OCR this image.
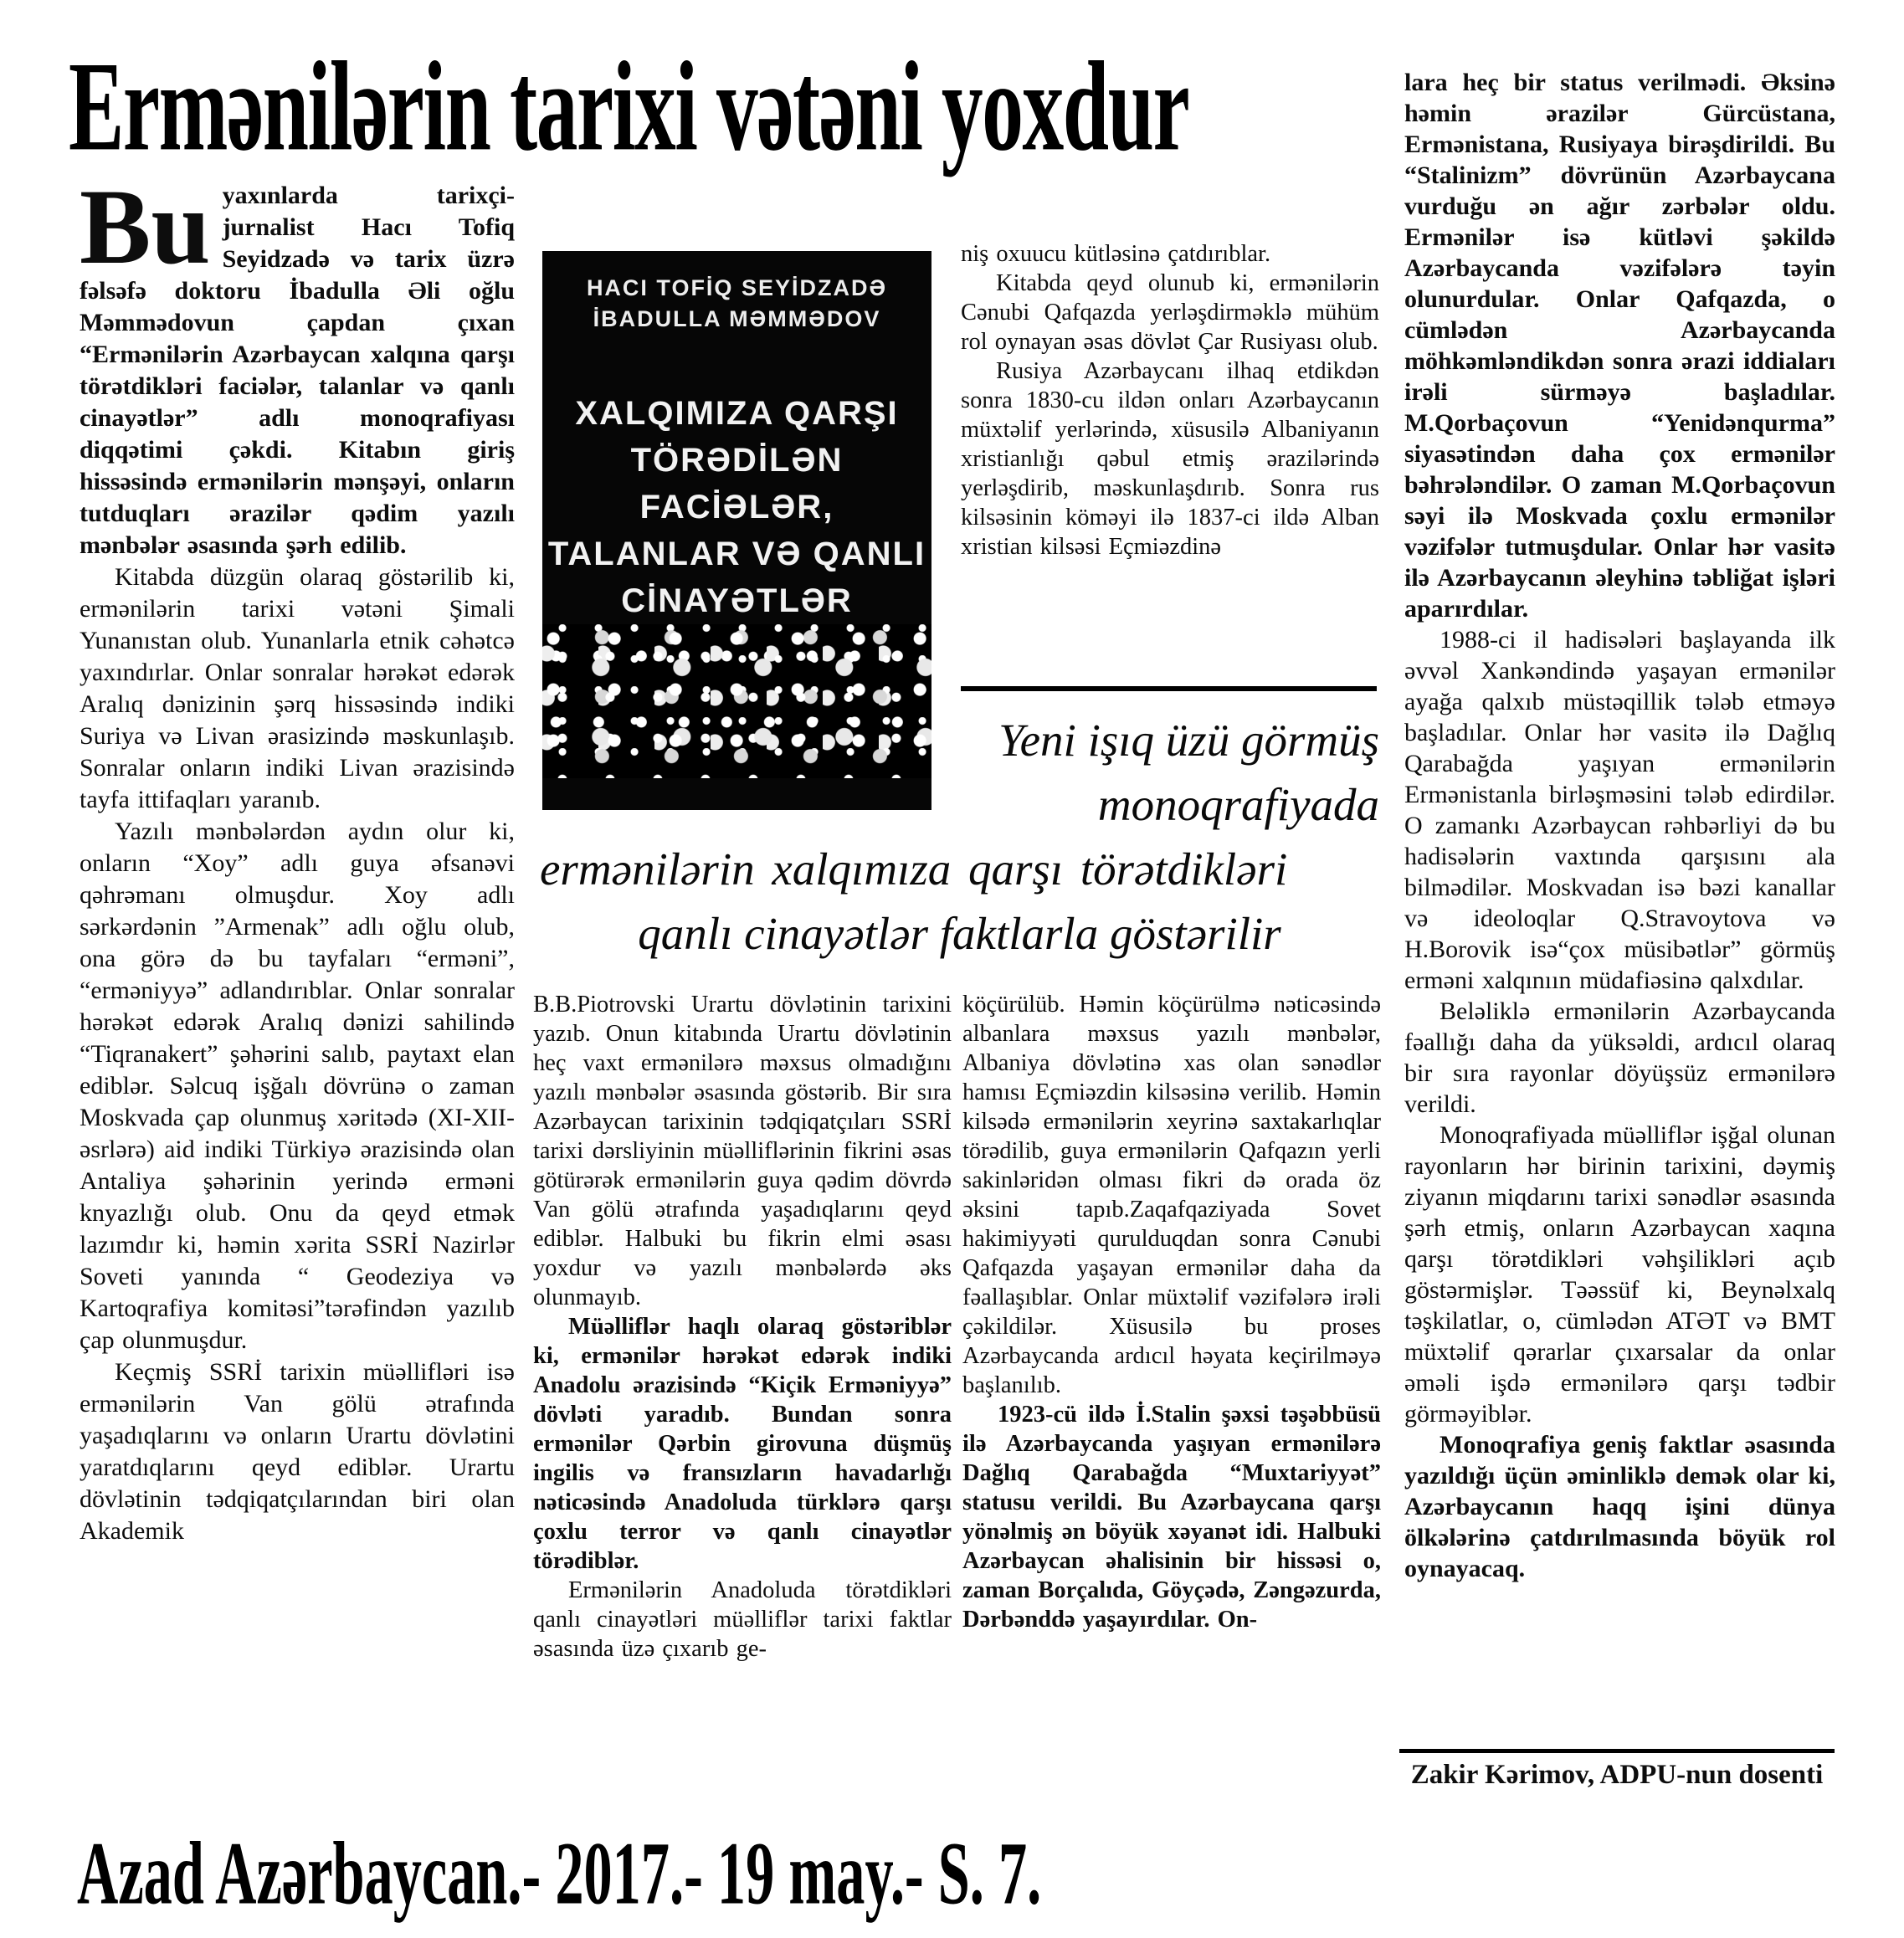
Ermənilərin tarixi vətəni yoxdur

Bu yaxınlarda tarixçi-jurnalist Hacı Tofiq Seyidzadə və tarix üzrə fəlsəfə doktoru İbadulla Əli oğlu Məmmədovun çapdan çıxan “Ermənilərin Azərbaycan xalqına qarşı törətdikləri faciələr, talanlar və qanlı cinayətlər” adlı monoqrafiyası diqqətimi çəkdi. Kitabın giriş hissəsində ermənilərin mənşəyi, onların tutduqları ərazilər qədim yazılı mənbələr əsasında şərh edilib.

Kitabda düzgün olaraq göstərilib ki, ermənilərin tarixi vətəni Şimali Yunanıstan olub. Yunanlarla etnik cəhətcə yaxındırlar. Onlar sonralar hərəkət edərək Aralıq dənizinin şərq hissəsində indiki Suriya və Livan ərasizində məskunlaşıb. Sonralar onların indiki Livan ərazisində tayfa ittifaqları yaranıb.

Yazılı mənbələrdən aydın olur ki, onların “Xoy” adlı guya əfsanəvi qəhrəmanı olmuşdur. Xoy adlı sərkərdənin ”Armenak” adlı oğlu olub, ona görə də bu tayfaları “erməni”, “erməniyyə” adlandırıblar. Onlar sonralar hərəkət edərək Aralıq dənizi sahilində “Tiqranakert” şəhərini salıb, paytaxt elan ediblər. Səlcuq işğalı dövrünə o zaman Moskvada çap olunmuş xəritədə (XI-XII-əsrlərə) aid indiki Türkiyə ərazisində olan Antaliya şəhərinin yerində erməni knyazlığı olub. Onu da qeyd etmək lazımdır ki, həmin xərita SSRİ Nazirlər Soveti yanında “ Geodeziya və Kartoqrafiya komitəsi”tərəfindən yazılıb çap olunmuşdur.

Keçmiş SSRİ tarixin müəllifləri isə ermənilərin Van gölü ətrafında yaşadıqlarını və onların Urartu dövlətini yaratdıqlarını qeyd ediblər. Urartu dövlətinin tədqiqatçılarından biri olan Akademik

HACI TOFİQ SEYİDZADƏ
İBADULLA MƏMMƏDOV
XALQIMIZA QARŞI TÖRƏDİLƏN
FACİƏLƏR, TALANLAR VƏ QANLI
CİNAYƏTLƏR

niş oxuucu kütləsinə çatdırıblar.

Kitabda qeyd olunub ki, ermənilərin Cənubi Qafqazda yerləşdirməklə mühüm rol oynayan əsas dövlət Çar Rusiyası olub.

Rusiya Azərbaycanı ilhaq etdikdən sonra 1830-cu ildən onları Azərbaycanın müxtəlif yerlərində, xüsusilə Albaniyanın xristianlığı qəbul etmiş ərazilərində yerləşdirib, məskunlaşdırıb. Sonra rus kilsəsinin köməyi ilə 1837-ci ildə Alban xristian kilsəsi Eçmiəzdinə

Yeni işıq üzü görmüş
monoqrafiyada
ermənilərin xalqımıza qarşı törətdikləri
qanlı cinayətlər faktlarla göstərilir

B.B.Piotrovski Urartu dövlətinin tarixini yazıb. Onun kitabında Urartu dövlətinin heç vaxt ermənilərə məxsus olmadığını yazılı mənbələr əsasında göstərib. Bir sıra Azərbaycan tarixinin tədqiqatçıları SSRİ tarixi dərsliyinin müəlliflərinin fikrini əsas götürərək ermənilərin guya qədim dövrdə Van gölü ətrafında yaşadıqlarını qeyd ediblər. Halbuki bu fikrin elmi əsası yoxdur və yazılı mənbələrdə əks olunmayıb.

Müəlliflər haqlı olaraq göstəriblər ki, ermənilər hərəkət edərək indiki Anadolu ərazisində “Kiçik Erməniyyə” dövləti yaradıb. Bundan sonra ermənilər Qərbin girovuna düşmüş ingilis və fransızların havadarlığı nəticəsində Anadoluda türklərə qarşı çoxlu terror və qanlı cinayətlər törədiblər.

Ermənilərin Anadoluda törətdikləri qanlı cinayətləri müəlliflər tarixi faktlar əsasında üzə çıxarıb ge-

köçürülüb. Həmin köçürülmə nəticəsində albanlara məxsus yazılı mənbələr, Albaniya dövlətinə xas olan sənədlər hamısı Eçmiəzdin kilsəsinə verilib. Həmin kilsədə ermənilərin xeyrinə saxtakarlıqlar törədilib, guya ermənilərin Qafqazın yerli sakinləridən olması fikri də orada öz əksini tapıb.Zaqafqaziyada Sovet hakimiyyəti qurulduqdan sonra Cənubi Qafqazda yaşayan ermənilər daha da fəallaşıblar. Onlar müxtəlif vəzifələrə irəli çəkildilər. Xüsusilə bu proses Azərbaycanda ardıcıl həyata keçirilməyə başlanılıb.

1923-cü ildə İ.Stalin şəxsi təşəbbüsü ilə Azərbaycanda yaşıyan ermənilərə Dağlıq Qarabağda “Muxtariyyət” statusu verildi. Bu Azərbaycana qarşı yönəlmiş ən böyük xəyanət idi. Halbuki Azərbaycan əhalisinin bir hissəsi o, zaman Borçalıda, Göyçədə, Zəngəzurda, Dərbənddə yaşayırdılar. On-

lara heç bir status verilmədi. Əksinə həmin ərazilər Gürcüstana, Ermənistana, Rusiyaya birəşdirildi. Bu “Stalinizm” dövrünün Azərbaycana vurduğu ən ağır zərbələr oldu. Ermənilər isə kütləvi şəkildə Azərbaycanda vəzifələrə təyin olunurdular. Onlar Qafqazda, o cümlədən Azərbaycanda möhkəmləndikdən sonra ərazi iddiaları irəli sürməyə başladılar. M.Qorbaçovun “Yenidənqurma” siyasətindən daha çox ermənilər bəhrələndilər. O zaman M.Qorbaçovun səyi ilə Moskvada çoxlu ermənilər vəzifələr tutmuşdular. Onlar hər vasitə ilə Azərbaycanın əleyhinə təbliğat işləri aparırdılar.

1988-ci il hadisələri başlayanda ilk əvvəl Xankəndində yaşayan ermənilər ayağa qalxıb müstəqillik tələb etməyə başladılar. Onlar hər vasitə ilə Dağlıq Qarabağda yaşıyan ermənilərin Ermənistanla birləşməsini tələb edirdilər. O zamankı Azərbaycan rəhbərliyi də bu hadisələrin vaxtında qarşısını ala bilmədilər. Moskvadan isə bəzi kanallar və ideoloqlar Q.Stravoytova və H.Borovik isə“çox müsibətlər” görmüş erməni xalqınıın müdafiəsinə qalxdılar.

Beləliklə ermənilərin Azərbaycanda fəallığı daha da yüksəldi, ardıcıl olaraq bir sıra rayonlar döyüşsüz ermənilərə verildi.

Monoqrafiyada müəlliflər işğal olunan rayonların hər birinin tarixini, dəymiş ziyanın miqdarını tarixi sənədlər əsasında şərh etmiş, onların Azərbaycan xaqına qarşı törətdikləri vəhşilikləri açıb göstərmişlər. Təəssüf ki, Beynəlxalq təşkilatlar, o, cümlədən ATƏT və BMT müxtəlif qərarlar çıxarsalar da onlar əməli işdə ermənilərə qarşı tədbir görməyiblər.

Monoqrafiya geniş faktlar əsasında yazıldığı üçün əminliklə demək olar ki, Azərbaycanın haqq işini dünya ölkələrinə çatdırılmasında böyük rol oynayacaq.

Zakir Kərimov, ADPU-nun dosenti
Azad Azərbaycan.- 2017.- 19 may.- S. 7.
